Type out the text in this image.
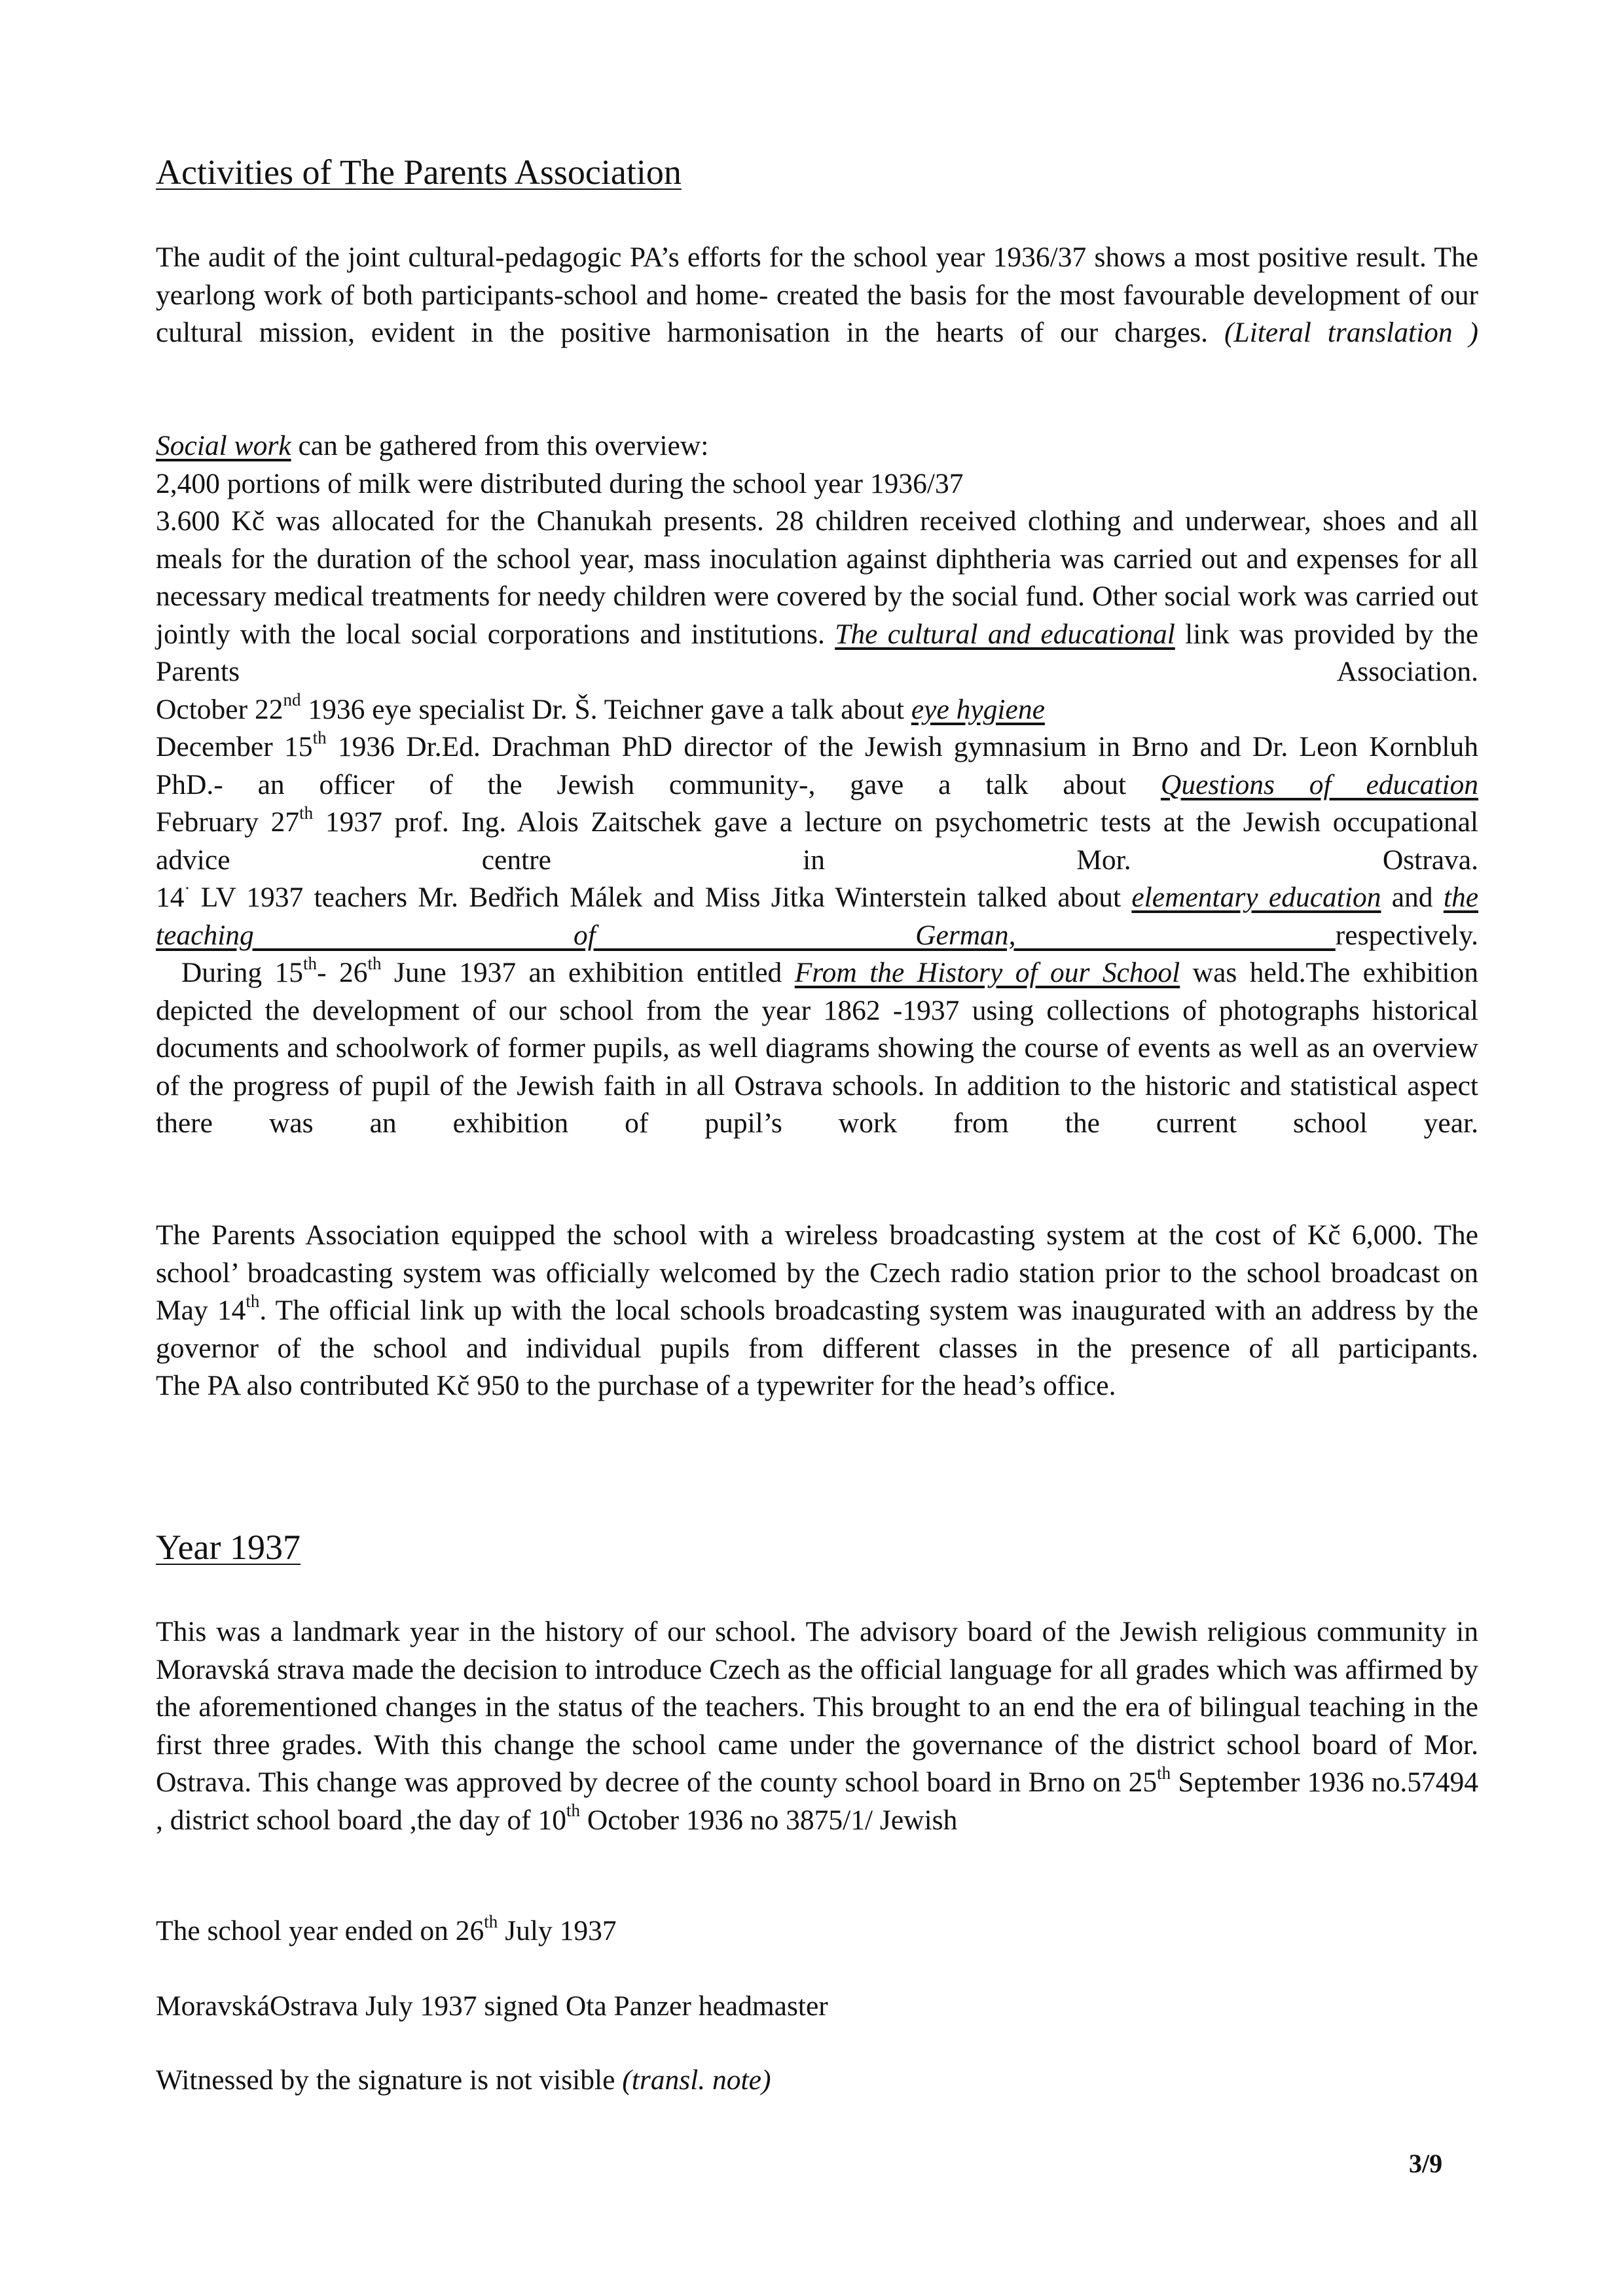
Activities of The Parents Association
The audit of the joint cultural-pedagogic PA’s efforts for the school year 1936/37 shows a most positive result. The yearlong work of both participants-school and home- created the basis for the most favourable development of our cultural mission, evident in the positive harmonisation in the hearts of our charges. (Literal translation )
Social work can be gathered from this overview:
2,400 portions of milk were distributed during the school year 1936/37
3.600 Kč was allocated for the Chanukah presents. 28 children received clothing and underwear, shoes and all meals for the duration of the school year, mass inoculation against diphtheria was carried out and expenses for all necessary medical treatments for needy children were covered by the social fund. Other social work was carried out jointly with the local social corporations and institutions. The cultural and educational link was provided by the Parents Association.
October 22nd 1936 eye specialist Dr. Š. Teichner gave a talk about eye hygiene
December 15th 1936 Dr.Ed. Drachman PhD director of the Jewish gymnasium in Brno and Dr. Leon Kornbluh PhD.- an officer of the Jewish community-, gave a talk about Questions of education
February 27th 1937 prof. Ing. Alois Zaitschek gave a lecture on psychometric tests at the Jewish occupational advice centre in Mor. Ostrava.
14· LV 1937 teachers Mr. Bedřich Málek and Miss Jitka Winterstein talked about elementary education and the teaching of German, respectively.
During 15th- 26th June 1937 an exhibition entitled From the History of our School was held.The exhibition depicted the development of our school from the year 1862 -1937 using collections of photographs historical documents and schoolwork of former pupils, as well diagrams showing the course of events as well as an overview of the progress of pupil of the Jewish faith in all Ostrava schools. In addition to the historic and statistical aspect there was an exhibition of pupil’s work from the current school year.
The Parents Association equipped the school with a wireless broadcasting system at the cost of Kč 6,000. The school’ broadcasting system was officially welcomed by the Czech radio station prior to the school broadcast on May 14th. The official link up with the local schools broadcasting system was inaugurated with an address by the governor of the school and individual pupils from different classes in the presence of all participants.
The PA also contributed Kč 950 to the purchase of a typewriter for the head’s office.
Year 1937
This was a landmark year in the history of our school. The advisory board of the Jewish religious community in Moravská strava made the decision to introduce Czech as the official language for all grades which was affirmed by the aforementioned changes in the status of the teachers. This brought to an end the era of bilingual teaching in the first three grades. With this change the school came under the governance of the district school board of Mor. Ostrava. This change was approved by decree of the county school board in Brno on 25th September 1936 no.57494 , district school board ,the day of 10th October 1936 no 3875/1/ Jewish
The school year ended on 26th July 1937
MoravskáOstrava July 1937 signed Ota Panzer headmaster
Witnessed by the signature is not visible (transl. note)
3/9
